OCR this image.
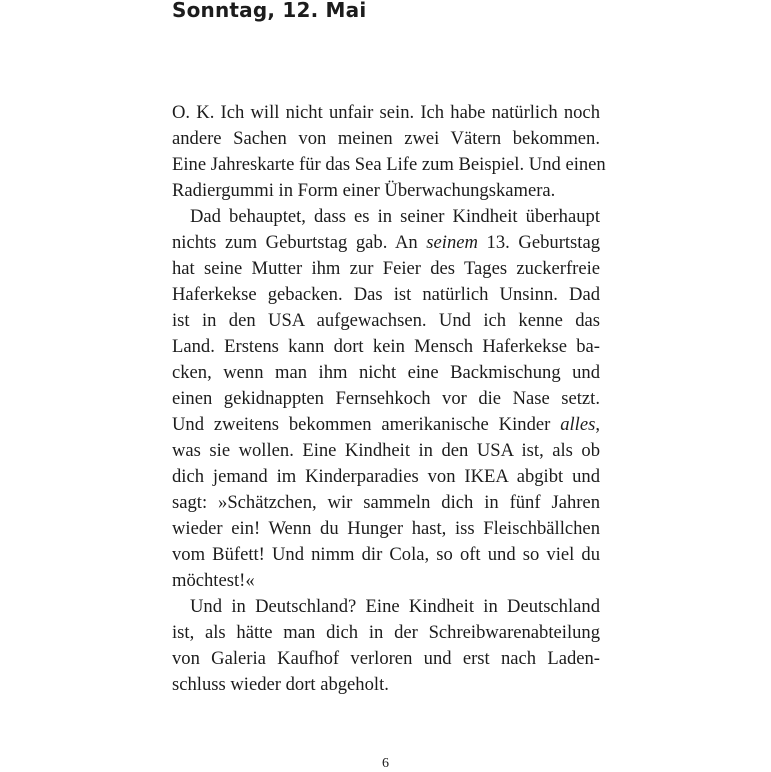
Sonntag, 12. Mai
O. K. Ich will nicht unfair sein. Ich habe natürlich noch
andere Sachen von meinen zwei Vätern bekommen.
Eine Jahreskarte für das Sea Life zum Beispiel. Und einen
Radiergummi in Form einer Überwachungskamera.
Dad behauptet, dass es in seiner Kindheit überhaupt
nichts zum Geburtstag gab. An seinem 13. Geburtstag
hat seine Mutter ihm zur Feier des Tages zuckerfreie
Haferkekse gebacken. Das ist natürlich Unsinn. Dad
ist in den USA aufgewachsen. Und ich kenne das
Land. Erstens kann dort kein Mensch Haferkekse ba-
cken, wenn man ihm nicht eine Backmischung und
einen gekidnappten Fernsehkoch vor die Nase setzt.
Und zweitens bekommen amerikanische Kinder alles,
was sie wollen. Eine Kindheit in den USA ist, als ob
dich jemand im Kinderparadies von IKEA abgibt und
sagt: »Schätzchen, wir sammeln dich in fünf Jahren
wieder ein! Wenn du Hunger hast, iss Fleischbällchen
vom Büfett! Und nimm dir Cola, so oft und so viel du
möchtest!«
Und in Deutschland? Eine Kindheit in Deutschland
ist, als hätte man dich in der Schreibwarenabteilung
von Galeria Kaufhof verloren und erst nach Laden-
schluss wieder dort abgeholt.
6
